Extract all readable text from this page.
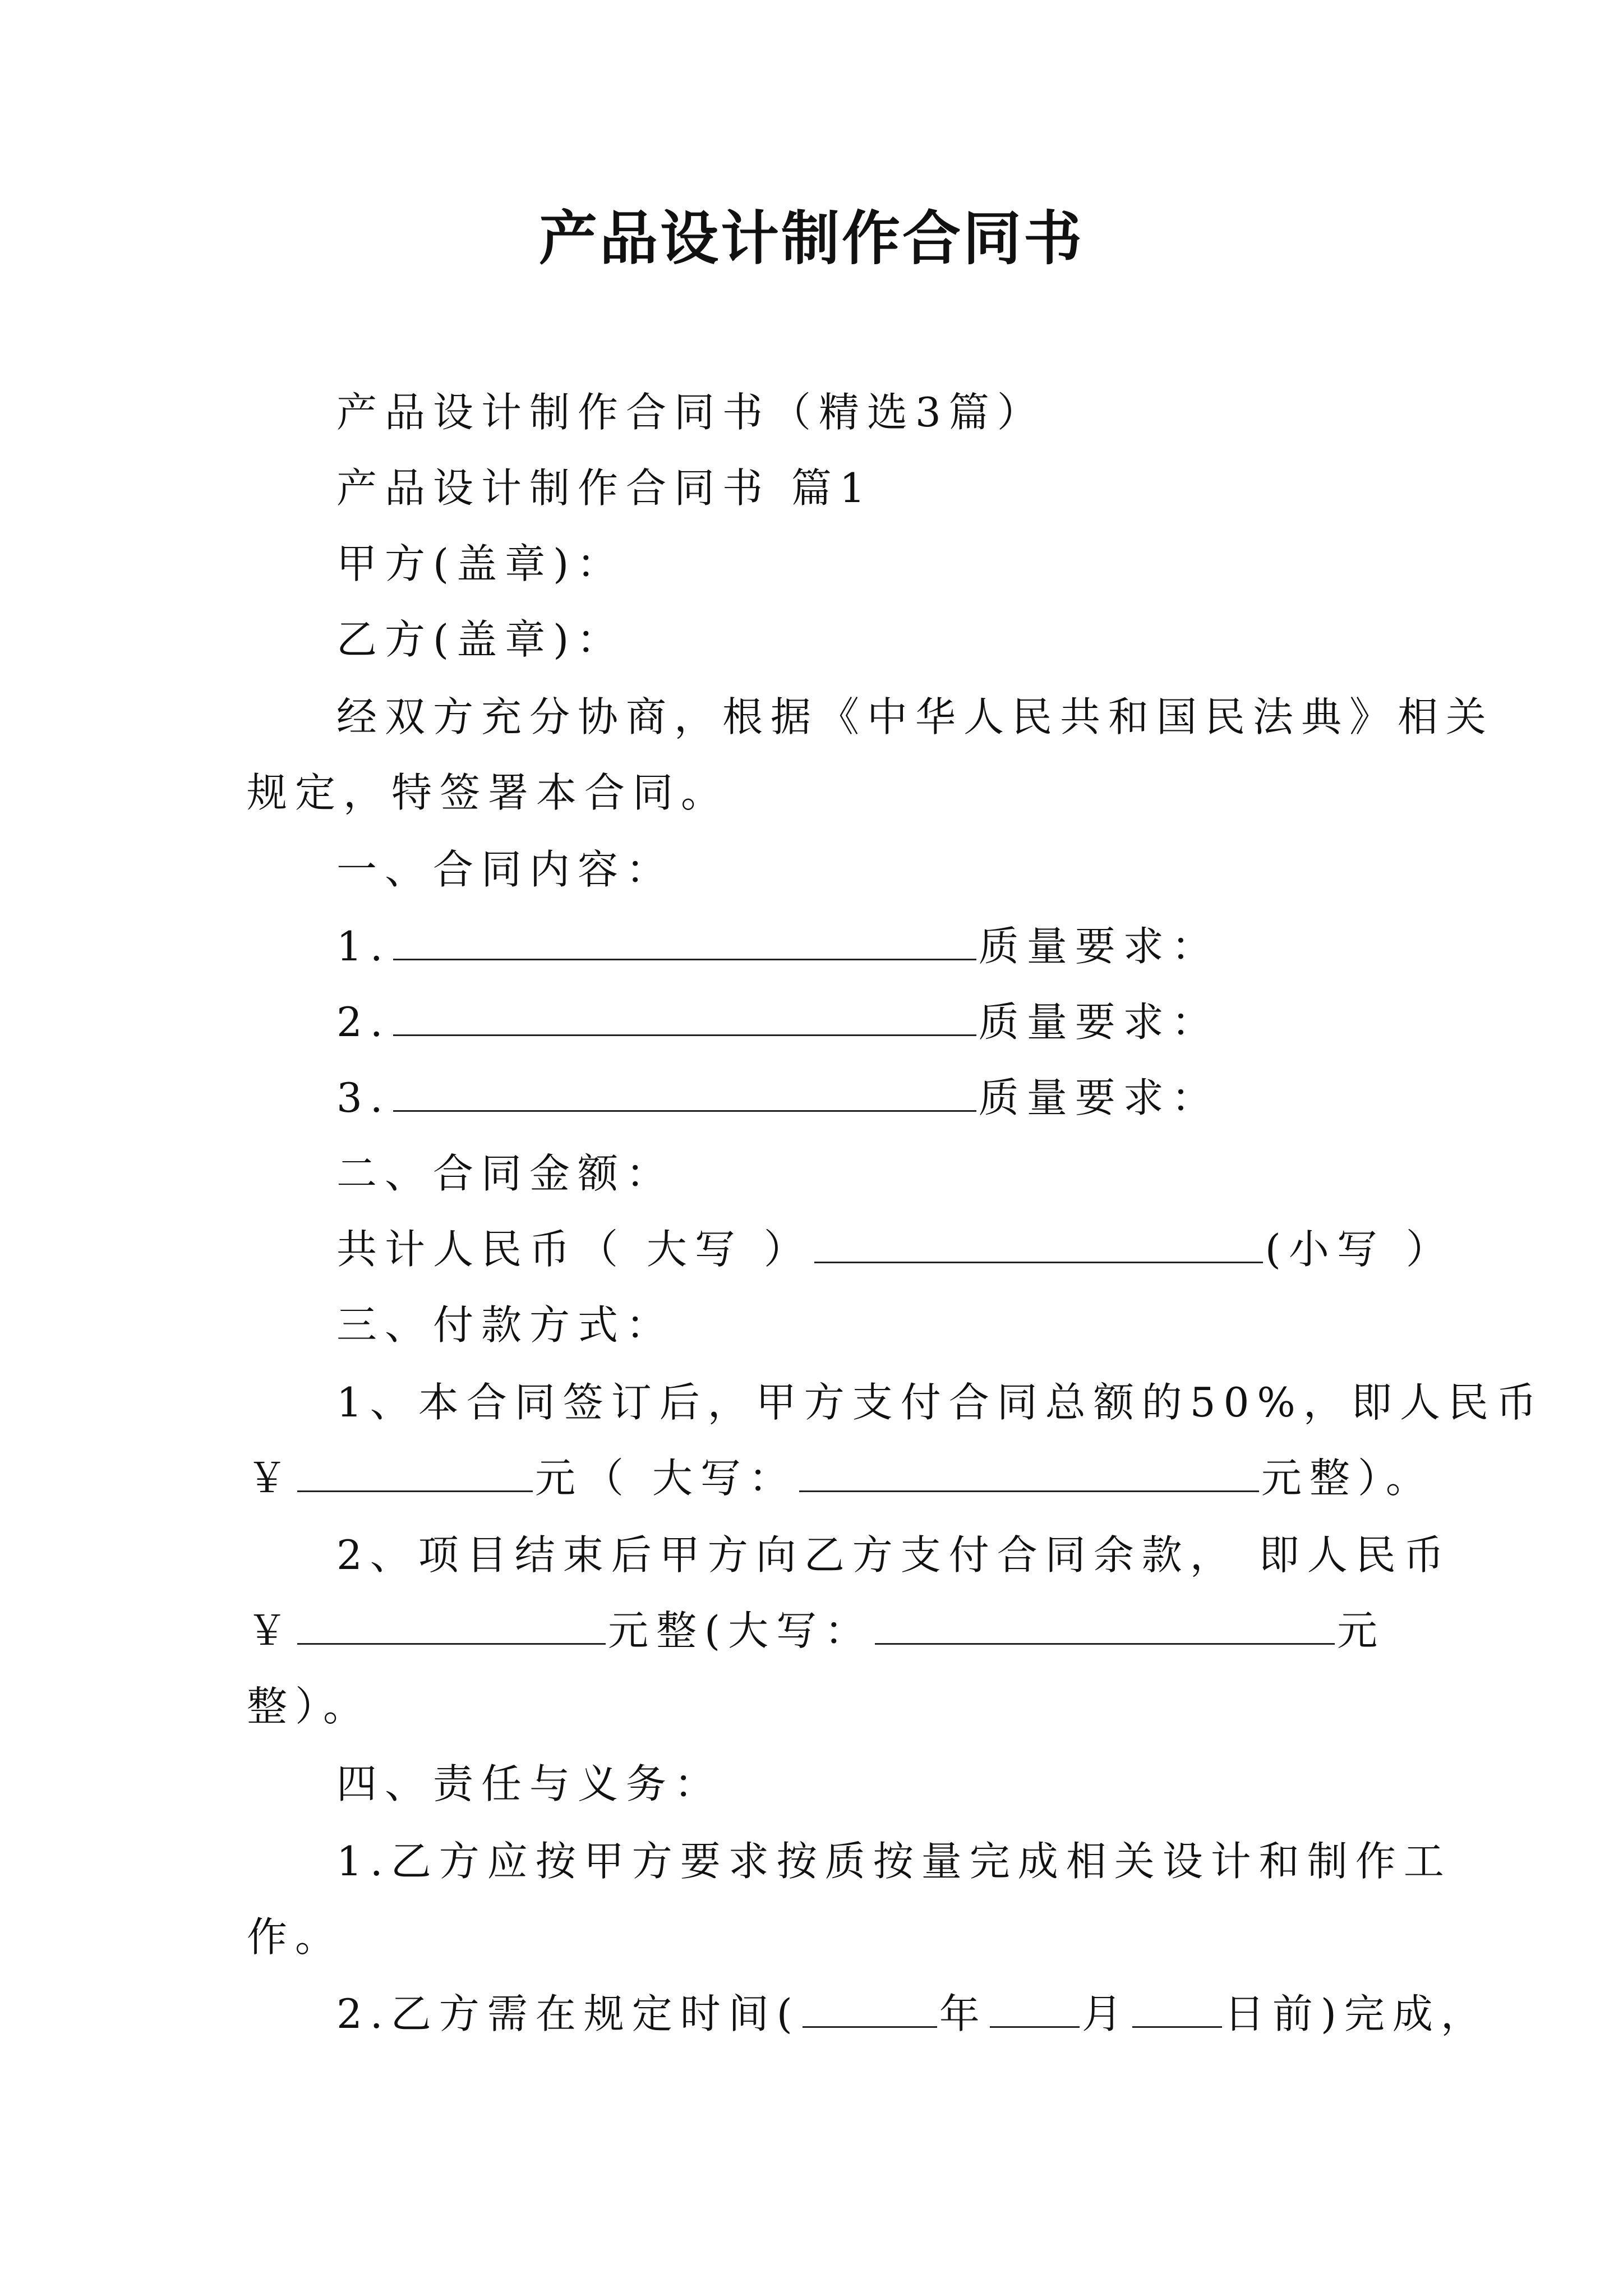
产品设计制作合同书
产品设计制作合同书（精选3篇）
产品设计制作合同书 篇1
甲方(盖章)：
乙方(盖章)：
经双方充分协商，根据《中华人民共和国民法典》相关
规定，特签署本合同。
一、合同内容：
1.	质量要求：
2.	质量要求：
3.	质量要求：
二、合同金额：
共计人民币（ 大写 ）	(小写 ）
三、付款方式：
1、本合同签订后，甲方支付合同总额的50%，即人民币
￥	元（ 大写：	元整）。
2、项目结束后甲方向乙方支付合同余款， 即人民币
￥	元整(大写：	元
整）。
四、责任与义务：
1.乙方应按甲方要求按质按量完成相关设计和制作工
作。
2.乙方需在规定时间(	年 月 日前)完成，
